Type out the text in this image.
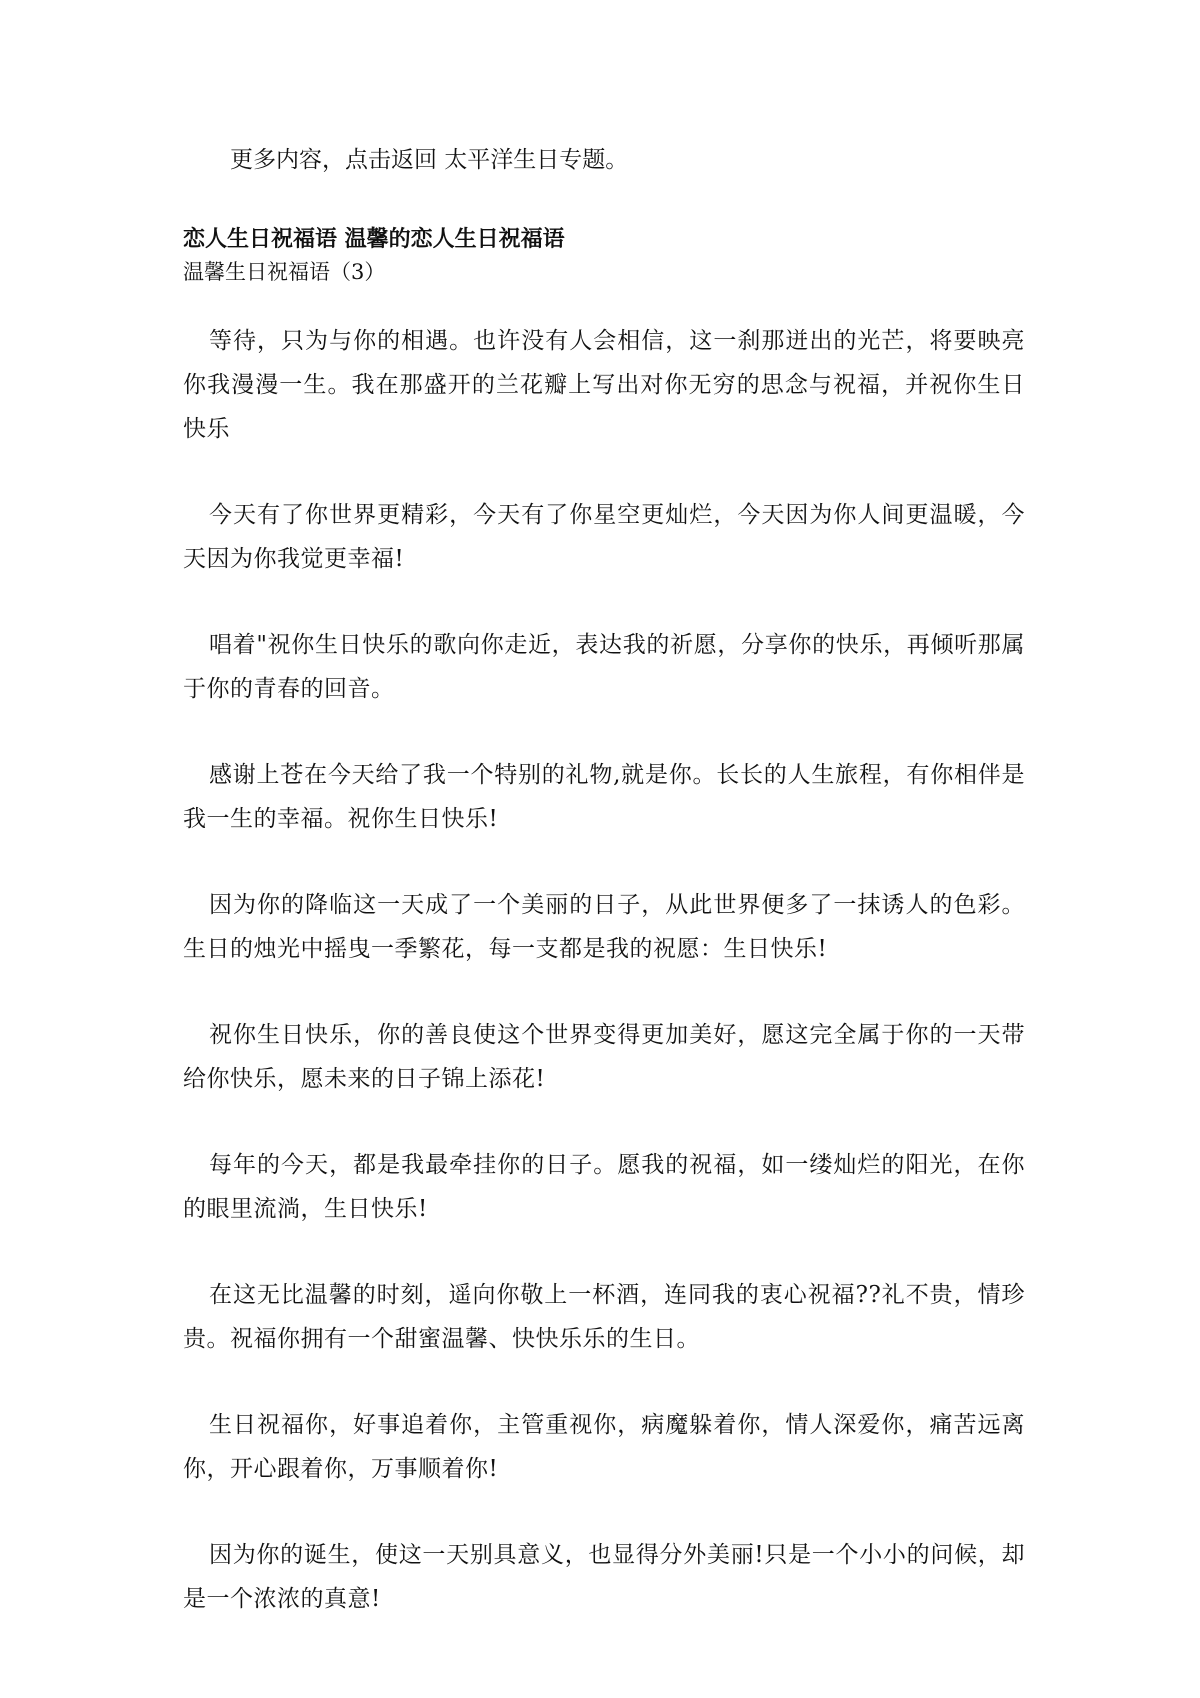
更多内容，点击返回 太平洋生日专题。
恋人生日祝福语 温馨的恋人生日祝福语
温馨生日祝福语（3）

等待，只为与你的相遇。也许没有人会相信，这一刹那迸出的光芒，将要映亮你我漫漫一生。我在那盛开的兰花瓣上写出对你无穷的思念与祝福，并祝你生日快乐

今天有了你世界更精彩，今天有了你星空更灿烂，今天因为你人间更温暖，今天因为你我觉更幸福!

唱着"祝你生日快乐的歌向你走近，表达我的祈愿，分享你的快乐，再倾听那属于你的青春的回音。

感谢上苍在今天给了我一个特别的礼物,就是你。长长的人生旅程，有你相伴是我一生的幸福。祝你生日快乐!

因为你的降临这一天成了一个美丽的日子，从此世界便多了一抹诱人的色彩。生日的烛光中摇曳一季繁花，每一支都是我的祝愿：生日快乐!

祝你生日快乐，你的善良使这个世界变得更加美好，愿这完全属于你的一天带给你快乐，愿未来的日子锦上添花!

每年的今天，都是我最牵挂你的日子。愿我的祝福，如一缕灿烂的阳光，在你的眼里流淌，生日快乐!

在这无比温馨的时刻，遥向你敬上一杯酒，连同我的衷心祝福??礼不贵，情珍贵。祝福你拥有一个甜蜜温馨、快快乐乐的生日。

生日祝福你，好事追着你，主管重视你，病魔躲着你，情人深爱你，痛苦远离你，开心跟着你，万事顺着你!

因为你的诞生，使这一天别具意义，也显得分外美丽!只是一个小小的问候，却是一个浓浓的真意!
